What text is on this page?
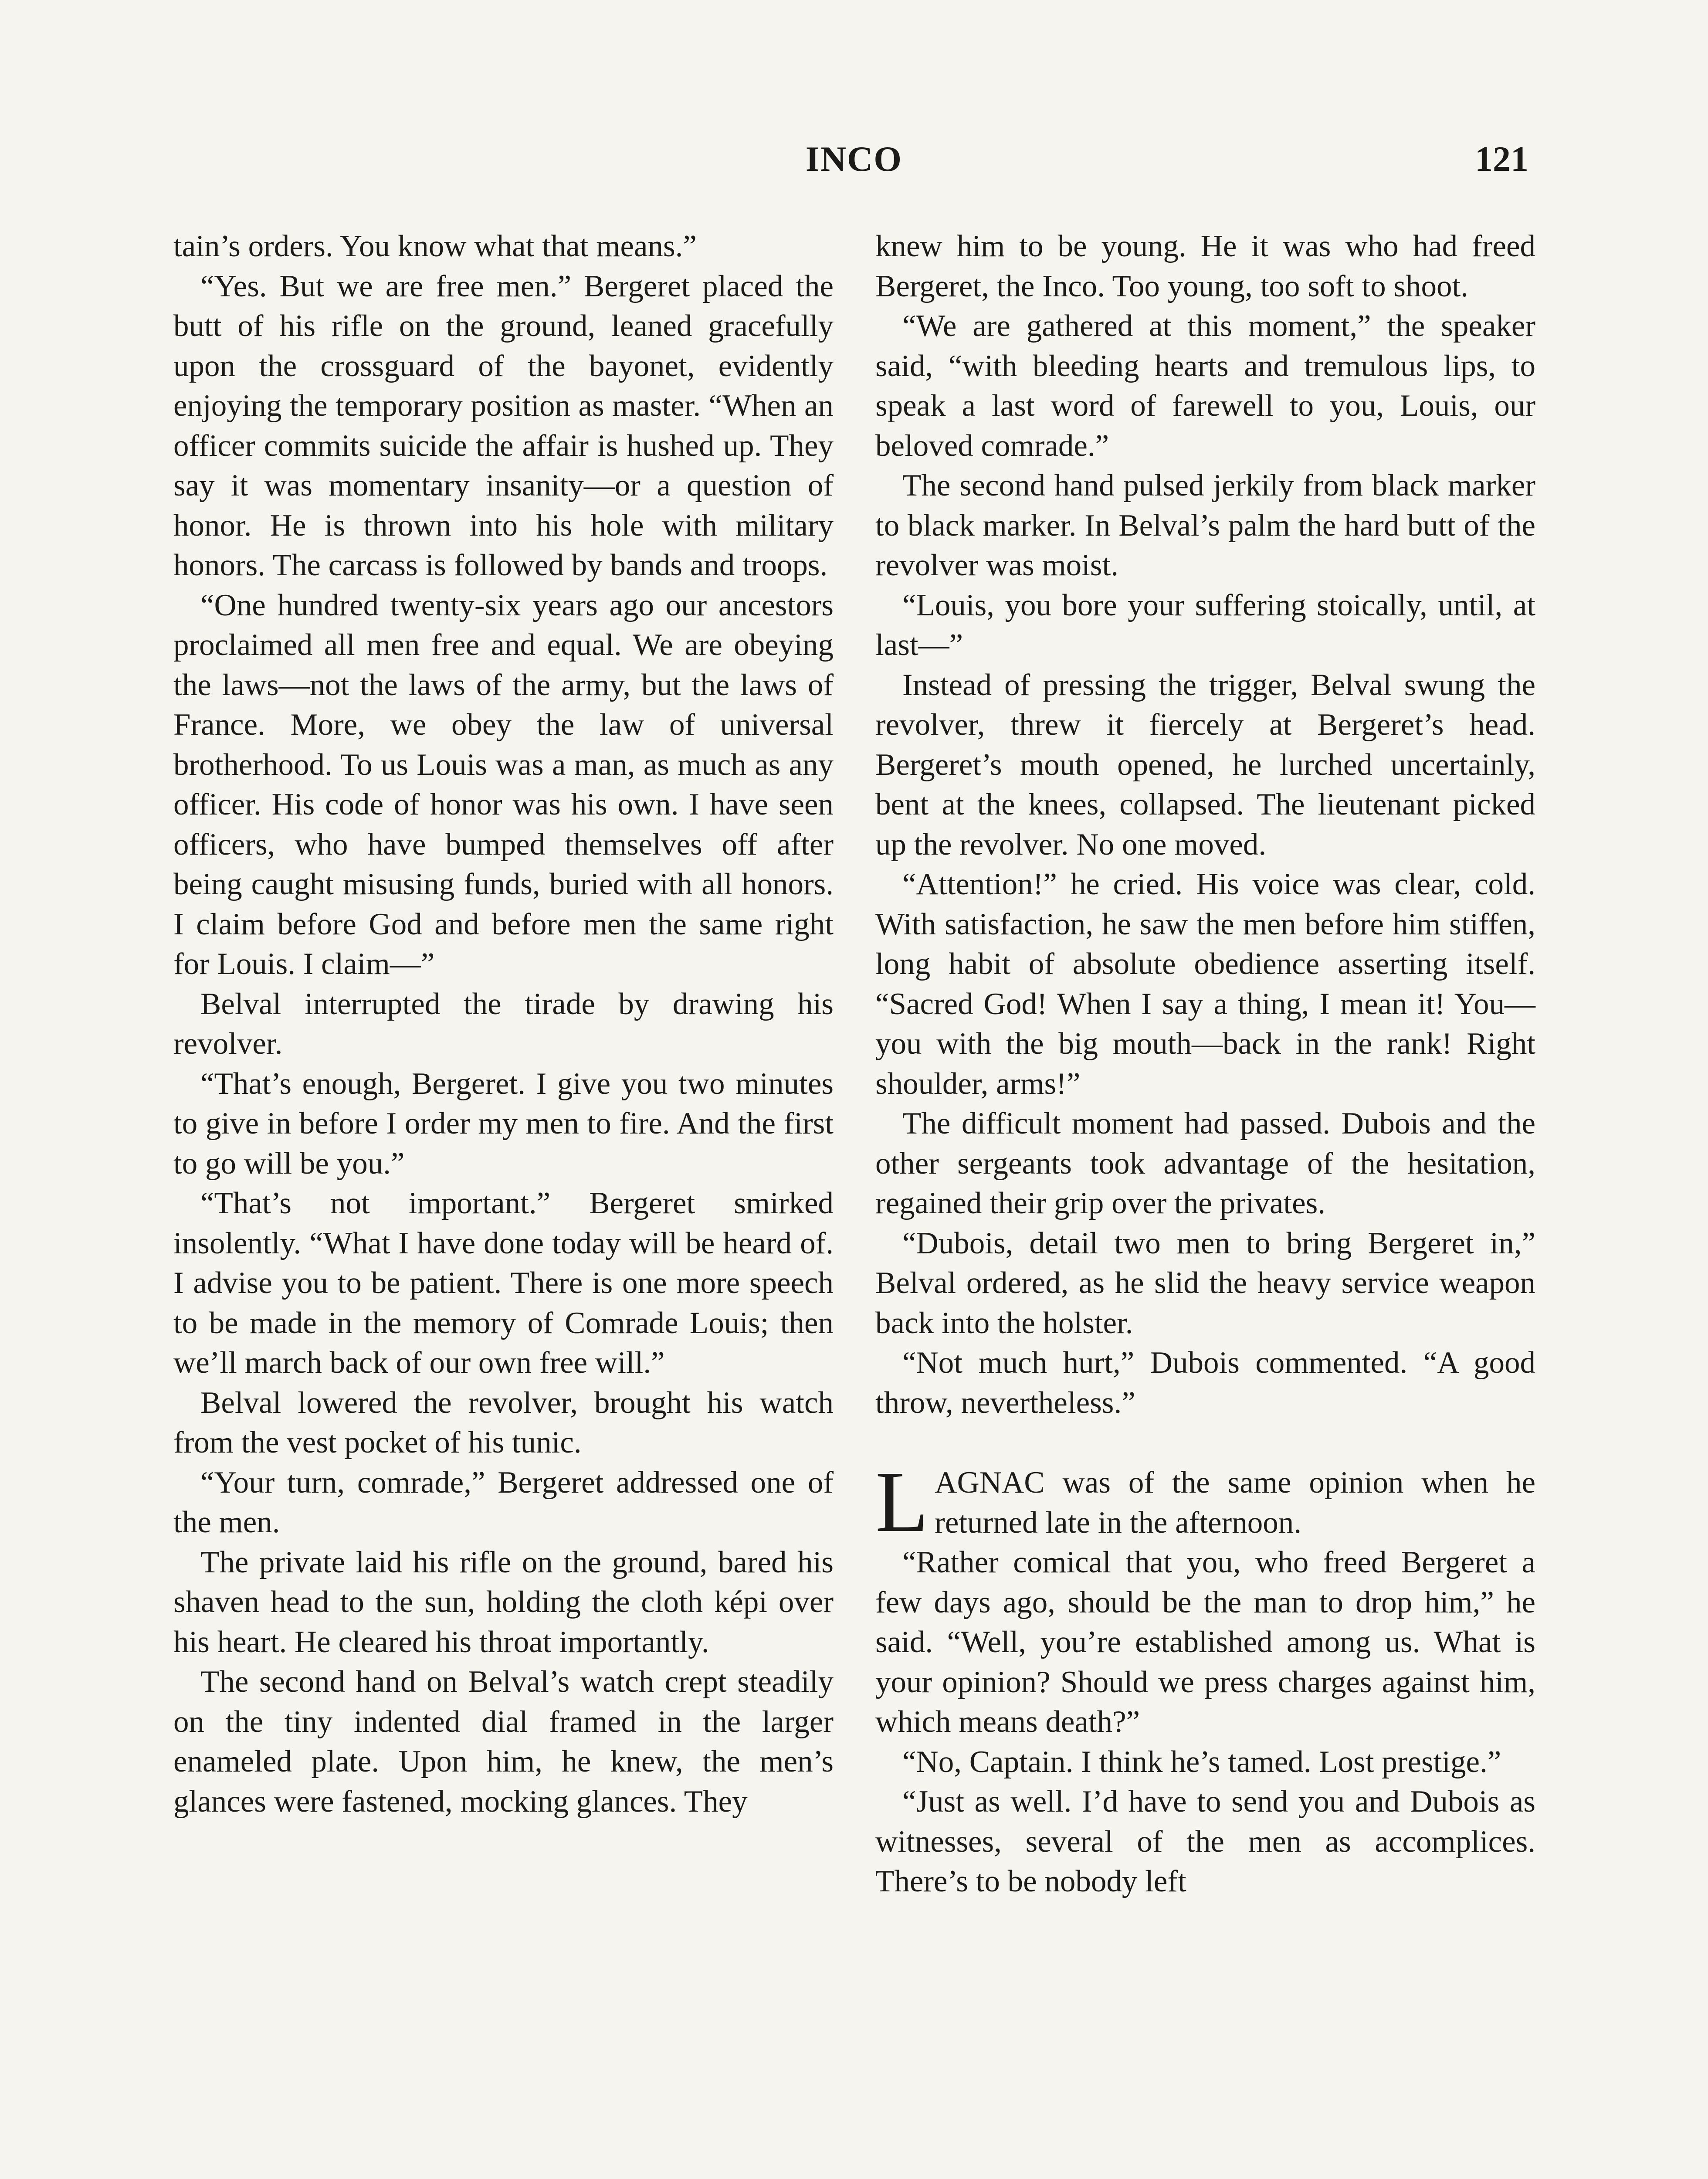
INCO	121

tain’s orders. You know what that means.”

“Yes. But we are free men.” Bergeret placed the butt of his rifle on the ground, leaned gracefully upon the crossguard of the bayonet, evidently enjoying the temporary position as master. “When an officer commits suicide the affair is hushed up. They say it was momentary insanity—or a question of honor. He is thrown into his hole with military honors. The carcass is followed by bands and troops.

“One hundred twenty-six years ago our ancestors proclaimed all men free and equal. We are obeying the laws—not the laws of the army, but the laws of France. More, we obey the law of universal brotherhood. To us Louis was a man, as much as any officer. His code of honor was his own. I have seen officers, who have bumped themselves off after being caught misusing funds, buried with all honors. I claim before God and before men the same right for Louis. I claim—”

Belval interrupted the tirade by drawing his revolver.

“That’s enough, Bergeret. I give you two minutes to give in before I order my men to fire. And the first to go will be you.”

“That’s not important.” Bergeret smirked insolently. “What I have done today will be heard of. I advise you to be patient. There is one more speech to be made in the memory of Comrade Louis; then we’ll march back of our own free will.”

Belval lowered the revolver, brought his watch from the vest pocket of his tunic.

“Your turn, comrade,” Bergeret addressed one of the men.

The private laid his rifle on the ground, bared his shaven head to the sun, holding the cloth képi over his heart. He cleared his throat importantly.

The second hand on Belval’s watch crept steadily on the tiny indented dial framed in the larger enameled plate. Upon him, he knew, the men’s glances were fastened, mocking glances. They

knew him to be young. He it was who had freed Bergeret, the Inco. Too young, too soft to shoot.

“We are gathered at this moment,” the speaker said, “with bleeding hearts and tremulous lips, to speak a last word of farewell to you, Louis, our beloved comrade.”

The second hand pulsed jerkily from black marker to black marker. In Belval’s palm the hard butt of the revolver was moist.

“Louis, you bore your suffering stoically, until, at last—”

Instead of pressing the trigger, Belval swung the revolver, threw it fiercely at Bergeret’s head. Bergeret’s mouth opened, he lurched uncertainly, bent at the knees, collapsed. The lieutenant picked up the revolver. No one moved.

“Attention!” he cried. His voice was clear, cold. With satisfaction, he saw the men before him stiffen, long habit of absolute obedience asserting itself. “Sacred God! When I say a thing, I mean it! You—you with the big mouth—back in the rank! Right shoulder, arms!”

The difficult moment had passed. Dubois and the other sergeants took advantage of the hesitation, regained their grip over the privates.

“Dubois, detail two men to bring Bergeret in,” Belval ordered, as he slid the heavy service weapon back into the holster.

“Not much hurt,” Dubois commented. “A good throw, nevertheless.”

LAGNAC was of the same opinion when he returned late in the afternoon.

“Rather comical that you, who freed Bergeret a few days ago, should be the man to drop him,” he said. “Well, you’re established among us. What is your opinion? Should we press charges against him, which means death?”

“No, Captain. I think he’s tamed. Lost prestige.”

“Just as well. I’d have to send you and Dubois as witnesses, several of the men as accomplices. There’s to be nobody left
